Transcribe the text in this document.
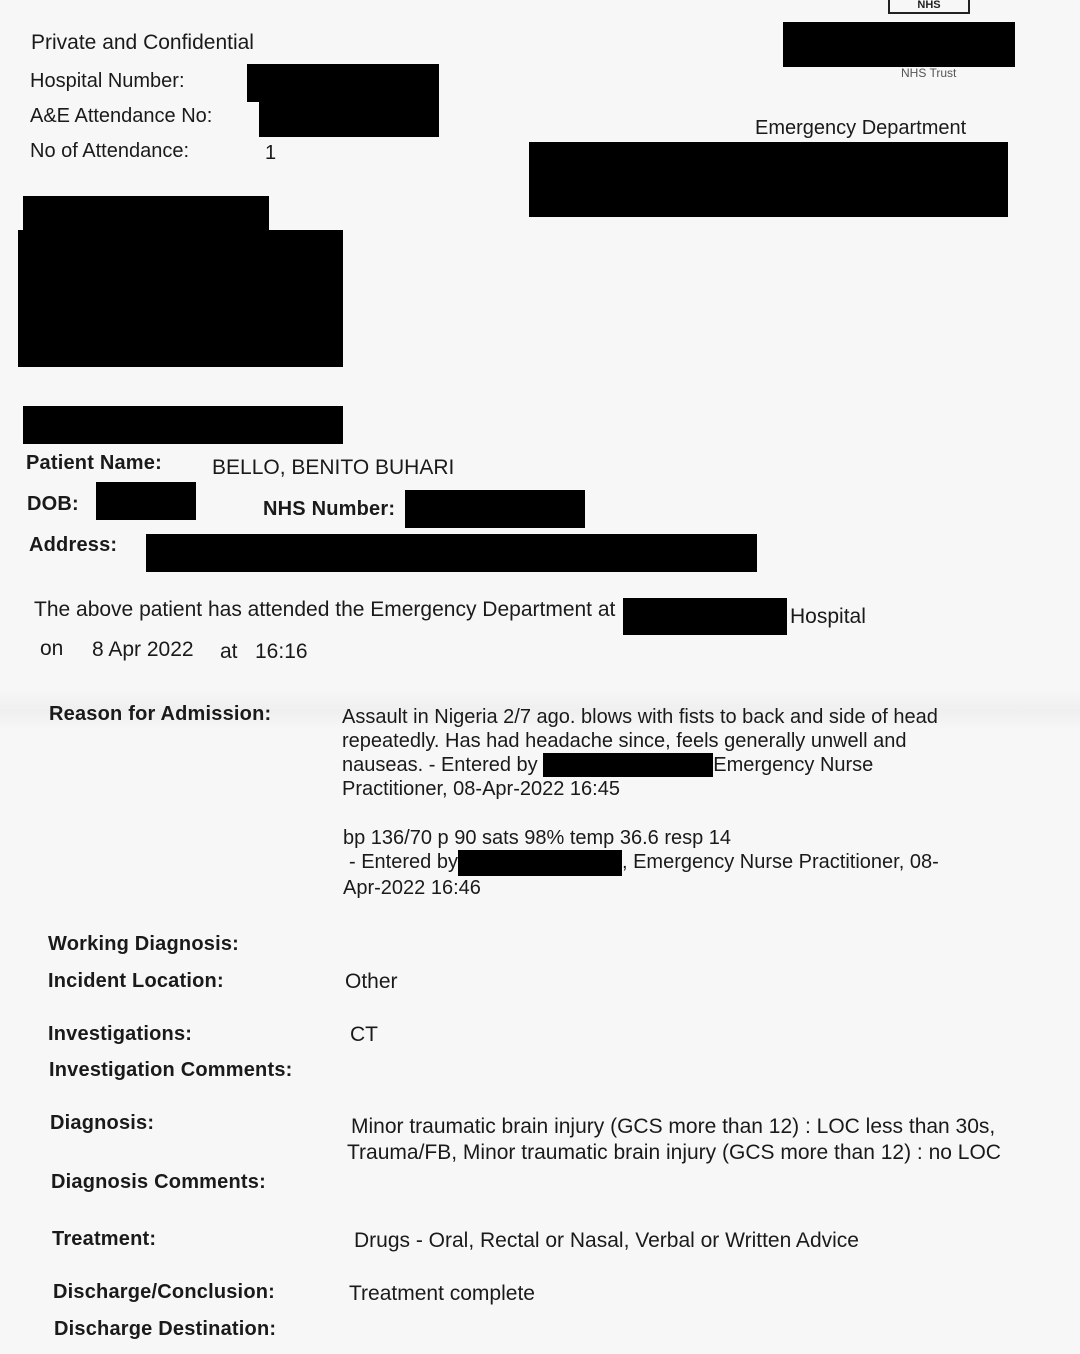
Private and Confidential
Hospital Number:
A&E Attendance No:
No of Attendance:	1
NHS
NHS Trust
Emergency Department
Patient Name: BELLO, BENITO BUHARI
DOB:	NHS Number:
Address:
The above patient has attended the Emergency Department at	Hospital
on 8 Apr 2022 at 16:16
Reason for Admission:	Assault in Nigeria 2/7 ago. blows with fists to back and side of head
repeatedly. Has had headache since, feels generally unwell and
nauseas. - Entered by	Emergency Nurse
Practitioner, 08-Apr-2022 16:45
bp 136/70 p 90 sats 98% temp 36.6 resp 14
- Entered by	, Emergency Nurse Practitioner, 08-
Apr-2022 16:46
Working Diagnosis:
Incident Location:	Other
Investigations:	CT
Investigation Comments:
Diagnosis:	Minor traumatic brain injury (GCS more than 12) : LOC less than 30s,
Trauma/FB, Minor traumatic brain injury (GCS more than 12) : no LOC
Diagnosis Comments:
Treatment:	Drugs - Oral, Rectal or Nasal, Verbal or Written Advice
Discharge/Conclusion:	Treatment complete
Discharge Destination:
